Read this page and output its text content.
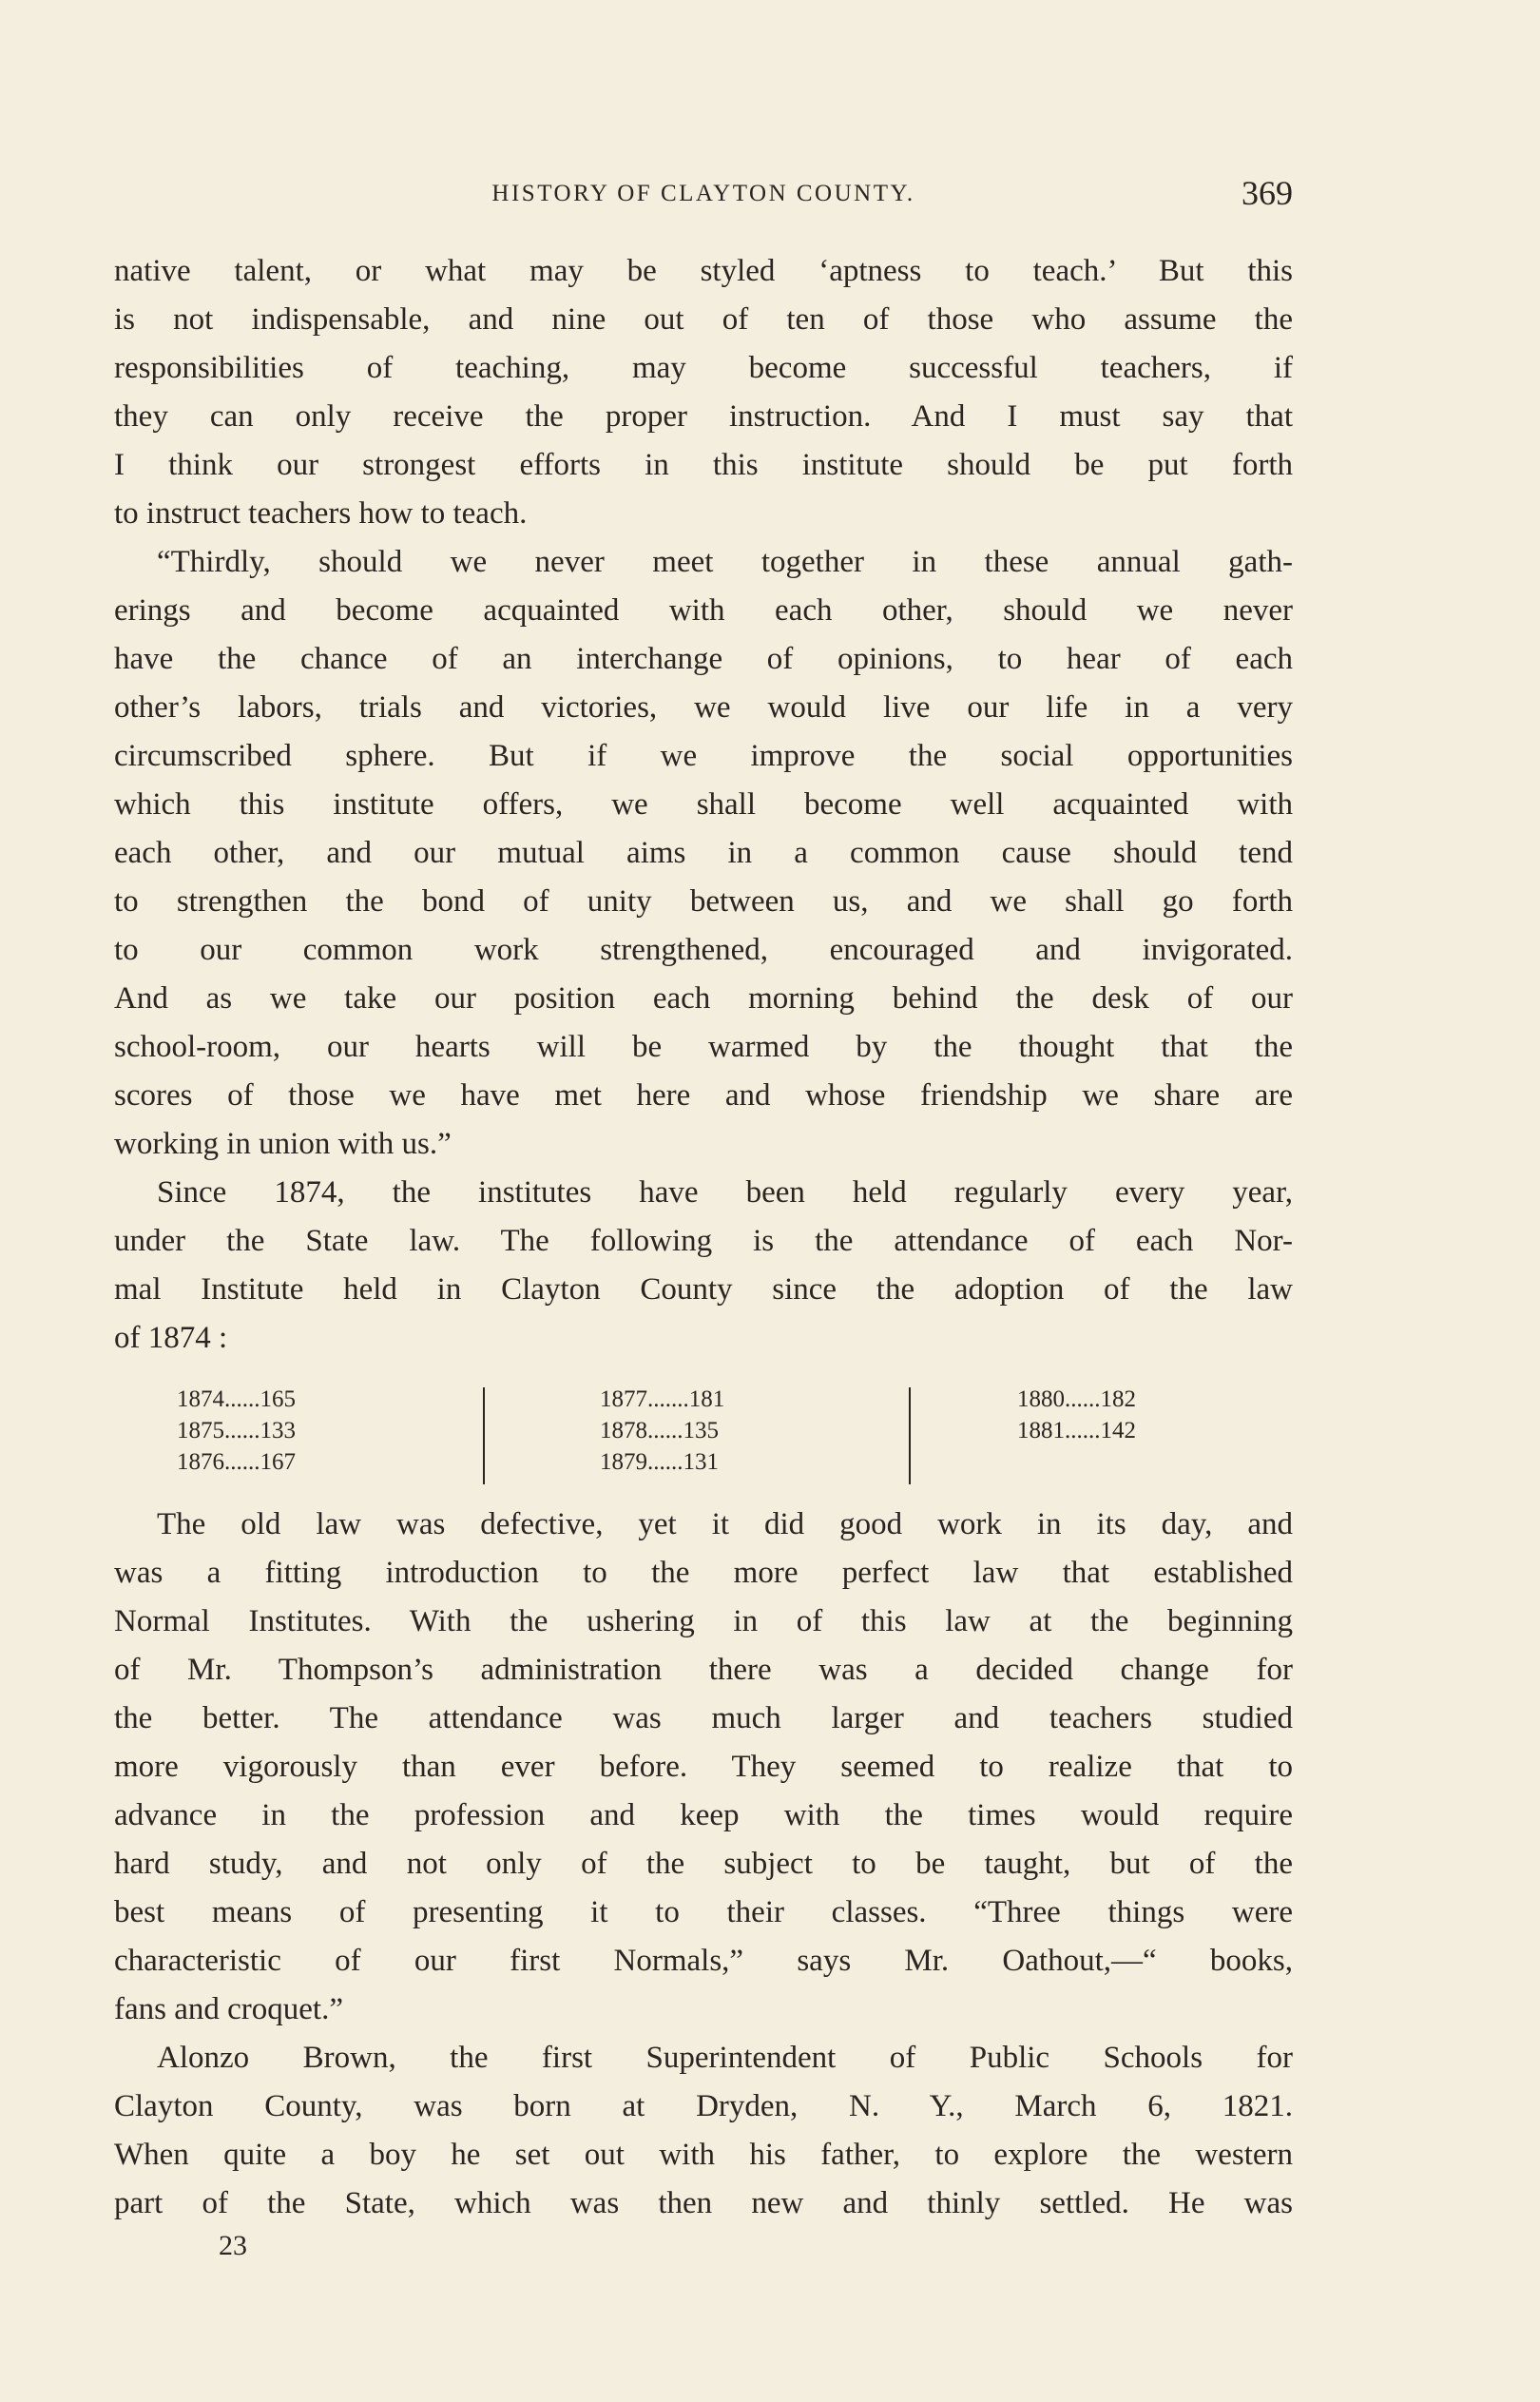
HISTORY OF CLAYTON COUNTY.	369
native talent, or what may be styled ‘aptness to teach.’ But this
is not indispensable, and nine out of ten of those who assume the
responsibilities of teaching, may become successful teachers, if
they can only receive the proper instruction. And I must say that
I think our strongest efforts in this institute should be put forth
to instruct teachers how to teach.
“Thirdly, should we never meet together in these annual gath-
erings and become acquainted with each other, should we never
have the chance of an interchange of opinions, to hear of each
other’s labors, trials and victories, we would live our life in a very
circumscribed sphere. But if we improve the social opportunities
which this institute offers, we shall become well acquainted with
each other, and our mutual aims in a common cause should tend
to strengthen the bond of unity between us, and we shall go forth
to our common work strengthened, encouraged and invigorated.
And as we take our position each morning behind the desk of our
school-room, our hearts will be warmed by the thought that the
scores of those we have met here and whose friendship we share are
working in union with us.”
Since 1874, the institutes have been held regularly every year,
under the State law. The following is the attendance of each Nor-
mal Institute held in Clayton County since the adoption of the law
of 1874 :
1874......165
1875......133
1876......167
1877.......181
1878......135
1879......131
1880......182
1881......142
The old law was defective, yet it did good work in its day, and
was a fitting introduction to the more perfect law that established
Normal Institutes. With the ushering in of this law at the beginning
of Mr. Thompson’s administration there was a decided change for
the better. The attendance was much larger and teachers studied
more vigorously than ever before. They seemed to realize that to
advance in the profession and keep with the times would require
hard study, and not only of the subject to be taught, but of the
best means of presenting it to their classes. “Three things were
characteristic of our first Normals,” says Mr. Oathout,—“ books,
fans and croquet.”
Alonzo Brown, the first Superintendent of Public Schools for
Clayton County, was born at Dryden, N. Y., March 6, 1821.
When quite a boy he set out with his father, to explore the western
part of the State, which was then new and thinly settled. He was
23
